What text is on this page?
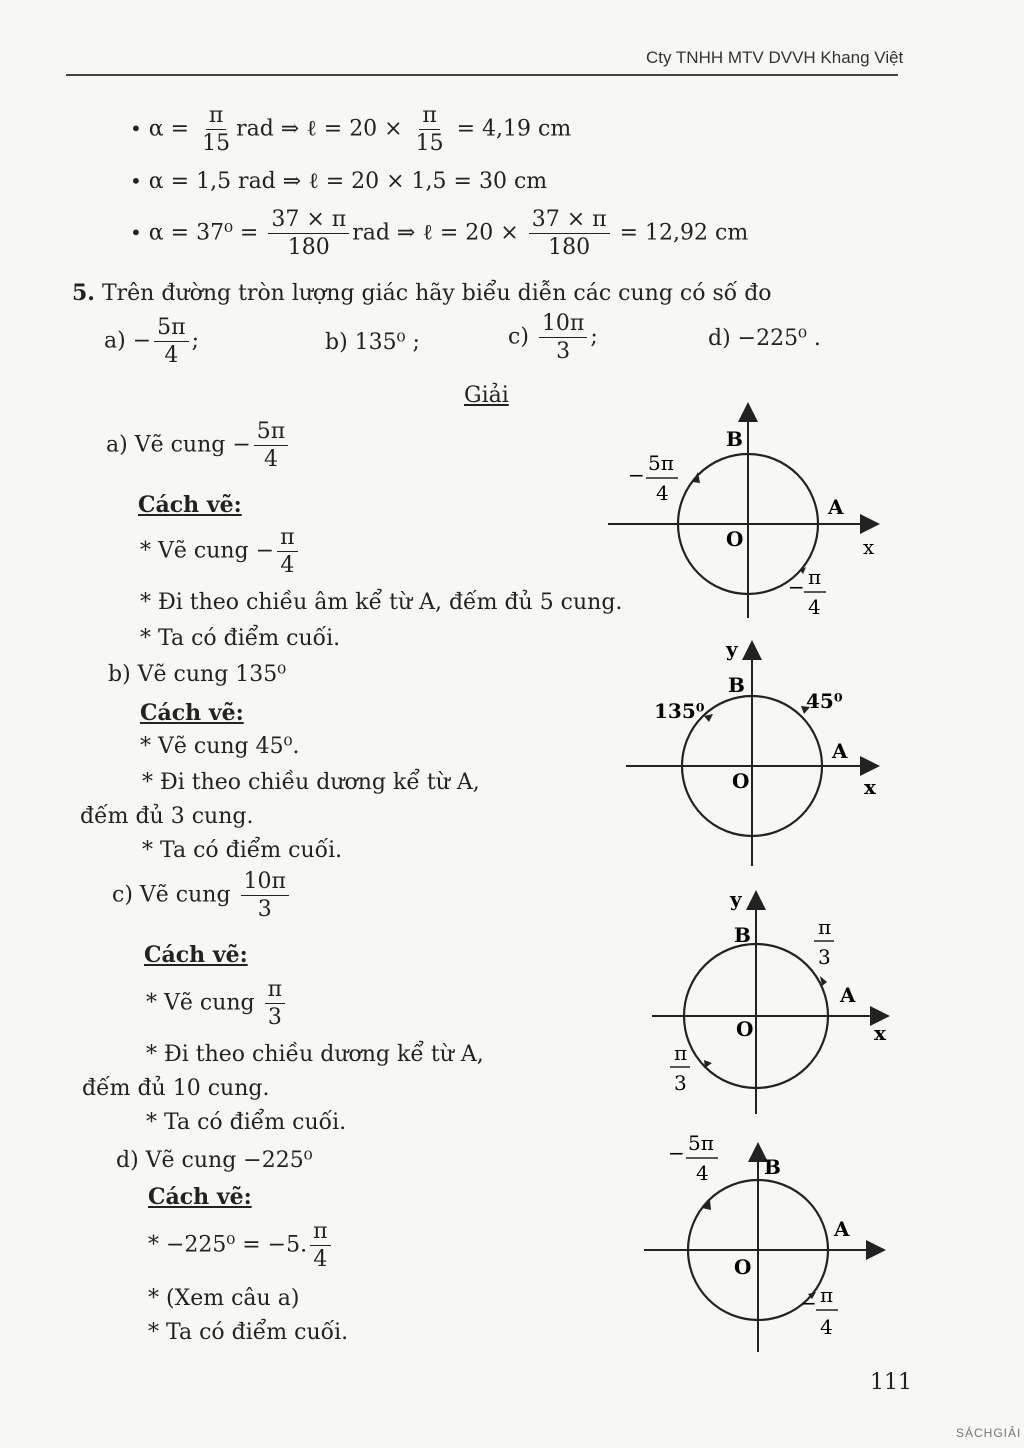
Cty TNHH MTV DVVH Khang Việt
• $\alpha = \frac{\pi}{15}$ rad ⇒ ℓ = $20 \times \frac{\pi}{15} = 4,19$ cm
• α = 1,5 rad ⇒ ℓ = 20 × 1,5 = 30 cm
• $\alpha = 37^0 = \frac{37 \times \pi}{180}$ rad ⇒ ℓ = $20 \times \frac{37 \times \pi}{180} = 12,92$ cm
5. Trên đường tròn lượng giác hãy biểu diễn các cung có số đo
$a) - \frac{5\pi}{4}$ ;	b) 135⁰ ;	$c) \frac{10\pi}{3}$ ;	d) −225⁰ .
Giải
a) Vẽ cung − $\frac{5\pi}{4}$
Cách vẽ:
* Vẽ cung − $\frac{\pi}{4}$
* Đi theo chiều âm kể từ A, đếm đủ 5 cung.
* Ta có điểm cuối.
b) Vẽ cung 135⁰
Cách vẽ:
* Vẽ cung 45⁰.
* Đi theo chiều dương kể từ A,
đếm đủ 3 cung.
* Ta có điểm cuối.
c) Vẽ cung $\frac{10\pi}{3}$
Cách vẽ:
* Vẽ cung $\frac{\pi}{3}$
* Đi theo chiều dương kể từ A,
đếm đủ 10 cung.
* Ta có điểm cuối.
d) Vẽ cung −225⁰
Cách vẽ:
* −225⁰ = −5. $\frac{\pi}{4}$
* (Xem câu a)
* Ta có điểm cuối.
B
A
O	x
− 5π
4
− π
4
y
B
A
O	x
135⁰	45⁰
y
B
A
O	x
π
3
π
3
B
A
O
− 5π
4
− π
4
111
SÁCHGIẢI
